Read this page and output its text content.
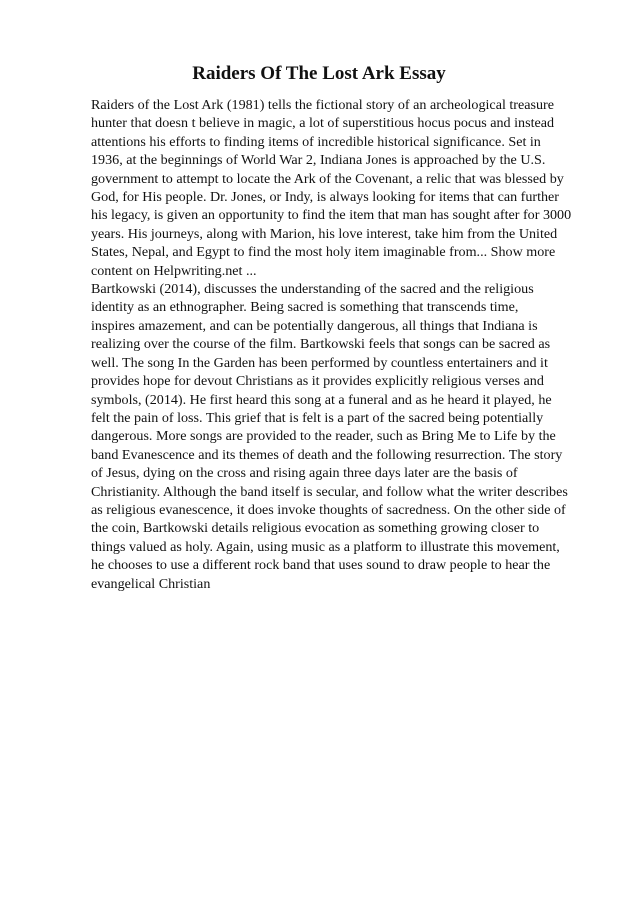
Raiders Of The Lost Ark Essay

Raiders of the Lost Ark (1981) tells the fictional story of an archeological treasure
hunter that doesn t believe in magic, a lot of superstitious hocus pocus and instead
attentions his efforts to finding items of incredible historical significance. Set in
1936, at the beginnings of World War 2, Indiana Jones is approached by the U.S.
government to attempt to locate the Ark of the Covenant, a relic that was blessed by
God, for His people. Dr. Jones, or Indy, is always looking for items that can further
his legacy, is given an opportunity to find the item that man has sought after for 3000
years. His journeys, along with Marion, his love interest, take him from the United
States, Nepal, and Egypt to find the most holy item imaginable from... Show more
content on Helpwriting.net ...

Bartkowski (2014), discusses the understanding of the sacred and the religious
identity as an ethnographer. Being sacred is something that transcends time,
inspires amazement, and can be potentially dangerous, all things that Indiana is
realizing over the course of the film. Bartkowski feels that songs can be sacred as
well. The song In the Garden has been performed by countless entertainers and it
provides hope for devout Christians as it provides explicitly religious verses and
symbols, (2014). He first heard this song at a funeral and as he heard it played, he
felt the pain of loss. This grief that is felt is a part of the sacred being potentially
dangerous. More songs are provided to the reader, such as Bring Me to Life by the
band Evanescence and its themes of death and the following resurrection. The story
of Jesus, dying on the cross and rising again three days later are the basis of
Christianity. Although the band itself is secular, and follow what the writer describes
as religious evanescence, it does invoke thoughts of sacredness. On the other side of
the coin, Bartkowski details religious evocation as something growing closer to
things valued as holy. Again, using music as a platform to illustrate this movement,
he chooses to use a different rock band that uses sound to draw people to hear the
evangelical Christian
